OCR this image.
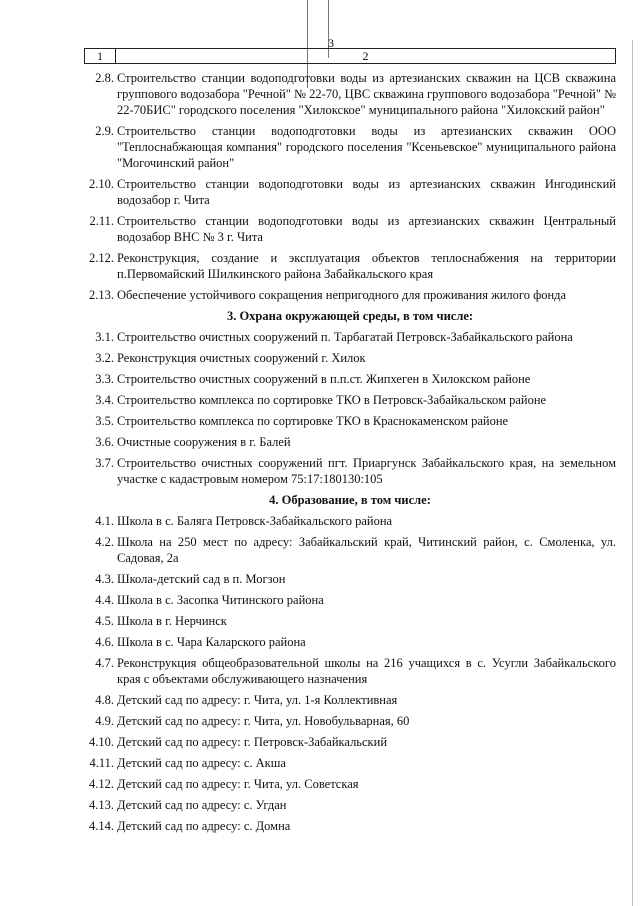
3
1	2
2.8. Строительство станции водоподготовки воды из артезианских скважин на ЦСВ скважина группового водозабора "Речной" № 22-70, ЦВС скважина группового водозабора "Речной" № 22-70БИС" городского поселения "Хилокское" муниципального района "Хилокский район"
2.9. Строительство станции водоподготовки воды из артезианских скважин ООО "Теплоснабжающая компания" городского поселения "Ксеньевское" муниципального района "Могочинский район"
2.10. Строительство станции водоподготовки воды из артезианских скважин Ингодинский водозабор г. Чита
2.11. Строительство станции водоподготовки воды из артезианских скважин Центральный водозабор ВНС № 3 г. Чита
2.12. Реконструкция, создание и эксплуатация объектов теплоснабжения на территории п.Первомайский Шилкинского района Забайкальского края
2.13. Обеспечение устойчивого сокращения непригодного для проживания жилого фонда
3. Охрана окружающей среды, в том числе:
3.1. Строительство очистных сооружений п. Тарбагатай Петровск-Забайкальского района
3.2. Реконструкция очистных сооружений г. Хилок
3.3. Строительство очистных сооружений в п.п.ст. Жипхеген в Хилокском районе
3.4. Строительство комплекса по сортировке ТКО в Петровск-Забайкальском районе
3.5. Строительство комплекса по сортировке ТКО в Краснокаменском районе
3.6. Очистные сооружения в г. Балей
3.7. Строительство очистных сооружений пгт. Приаргунск Забайкальского края, на земельном участке с кадастровым номером 75:17:180130:105
4. Образование, в том числе:
4.1. Школа в с. Баляга Петровск-Забайкальского района
4.2. Школа на 250 мест по адресу: Забайкальский край, Читинский район, с. Смоленка, ул. Садовая, 2а
4.3. Школа-детский сад в п. Могзон
4.4. Школа в с. Засопка Читинского района
4.5. Школа в г. Нерчинск
4.6. Школа в с. Чара Каларского района
4.7. Реконструкция общеобразовательной школы на 216 учащихся в с. Усугли Забайкальского края с объектами обслуживающего назначения
4.8. Детский сад по адресу: г. Чита, ул. 1-я Коллективная
4.9. Детский сад по адресу: г. Чита, ул. Новобульварная, 60
4.10. Детский сад по адресу: г. Петровск-Забайкальский
4.11. Детский сад по адресу: с. Акша
4.12. Детский сад по адресу: г. Чита, ул. Советская
4.13. Детский сад по адресу: с. Угдан
4.14. Детский сад по адресу: с. Домна
